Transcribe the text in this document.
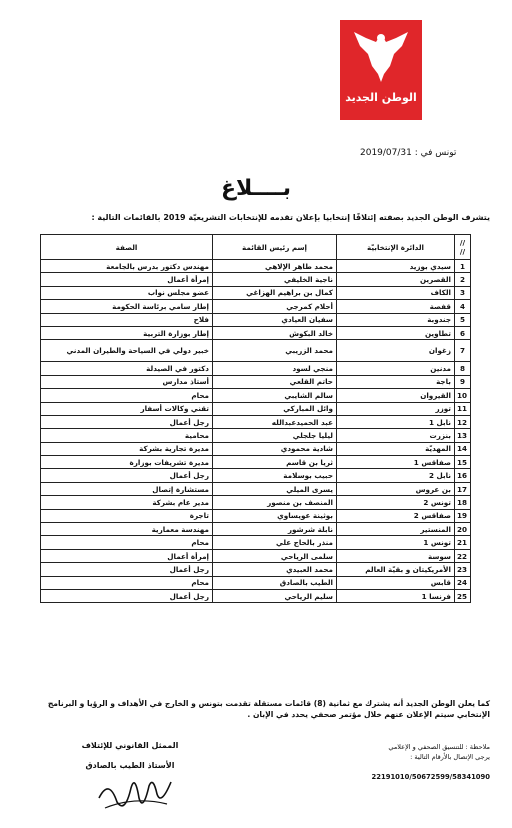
الوطن الجديد
تونس في : 2019/07/31
بــــلاغ
يتشرف الوطن الجديد بصفته إئتلافًا إنتخابيا بإعلان تقدمه للإنتخابات التشريعيّة 2019 بالقائمات التالية :
//
//	الدائرة الإنتخابيّة	إسم رئيس القائمة	الصفة
1	سيدي بوزيد	محمد طاهر الإلاهي	مهندس دكتور بدرس بالجامعة
2	القصرين	ناجية الخليفي	إمرأة أعمال
3	الكاف	كمال بن براهيم الهزاغي	عضو مجلس نواب
4	قفصة	أحلام كمرجي	إطار سامي برئاسة الحكومة
5	جندوبة	سفيان العيادي	فلاح
6	تطاوين	خالد البكوش	إطار بوزارة التربية
7	زغوان	محمد الزريبي	خبير دولي في السياحة والطيران المدني
8	مدنين	منجي لسود	دكتور في الصيدلة
9	باجة	حاتم القلعي	أستاذ مدارس
10	القيروان	سالم الشايبي	محام
11	توزر	وائل المباركي	تقني وكالات أسفار
12	نابل 1	عبد الحميدعبدالله	رجل أعمال
13	بنزرت	ليليا جلجلي	محامية
14	المهديّة	شادية محمودي	مديرة تجارية بشركة
15	صفاقس 1	ثريا بن قاسم	مديرة تشريفات بوزارة
16	نابل 2	حبيب بوسلامة	رجل أعمال
17	بن عروس	يسرى الميلي	مستشارة إتصال
18	تونس 2	المنصف بن منصور	مدير عام بشركة
19	صفاقس 2	بوثينة عويساوي	تاجرة
20	المنستير	نابلة شرشور	مهندسة معمارية
21	تونس 1	منذر بالحاج علي	محام
22	سوسة	سلمى الرياحي	إمرأة أعمال
23	الأمريكيتان و بقيّة العالم	محمد العبيدي	رجل أعمال
24	قابس	الطيب بالصادق	محام
25	فرنسا 1	سليم الرياحي	رجل أعمال
كما يعلن الوطن الجديد أنه يشترك مع ثمانية (8) قائمات مستقلة تقدمت بتونس و الخارج في الأهداف و الرؤيا و البرنامج الإنتخابي سيتم الإعلان عنهم خلال مؤتمر صحفي يحدد في الإبان .
ملاحظة : للتنسيق الصحفي و الإعلامي
يرجى الإتصال بالأرقام التالية :
22191010/50672599/58341090
الممثل القانوني للإئتلاف
الأستاذ الطيب بالصادق
